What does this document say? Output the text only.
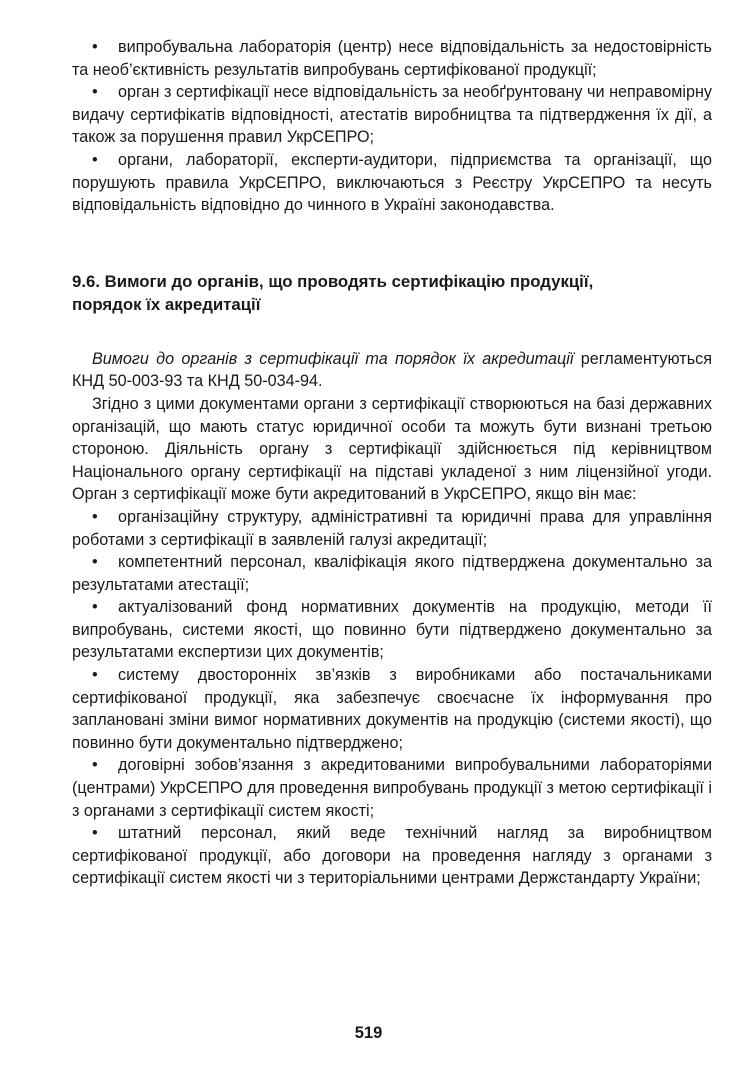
• випробувальна лабораторія (центр) несе відповідальність за недостовірність та необ’єктивність результатів випробувань сертифікованої продукції;

• орган з сертифікації несе відповідальність за необґрунтовану чи неправомірну видачу сертифікатів відповідності, атестатів виробництва та підтвердження їх дії, а також за порушення правил УкрСЕПРО;

• органи, лабораторії, експерти-аудитори, підприємства та організації, що порушують правила УкрСЕПРО, виключаються з Реєстру УкрСЕПРО та несуть відповідальність відповідно до чинного в Україні законодавства.

9.6. Вимоги до органів, що проводять сертифікацію продукції,
порядок їх акредитації

Вимоги до органів з сертифікації та порядок їх акредитації регламентуються КНД 50-003-93 та КНД 50-034-94.

Згідно з цими документами органи з сертифікації створюються на базі державних організацій, що мають статус юридичної особи та можуть бути визнані третьою стороною. Діяльність органу з сертифікації здійснюється під керівництвом Національного органу сертифікації на підставі укладеної з ним ліцензійної угоди. Орган з сертифікації може бути акредитований в УкрСЕПРО, якщо він має:

• організаційну структуру, адміністративні та юридичні права для управління роботами з сертифікації в заявленій галузі акредитації;

• компетентний персонал, кваліфікація якого підтверджена документально за результатами атестації;

• актуалізований фонд нормативних документів на продукцію, методи її випробувань, системи якості, що повинно бути підтверджено документально за результатами експертизи цих документів;

• систему двосторонніх зв’язків з виробниками або постачальниками сертифікованої продукції, яка забезпечує своєчасне їх інформування про заплановані зміни вимог нормативних документів на продукцію (системи якості), що повинно бути документально підтверджено;

• договірні зобов’язання з акредитованими випробувальними лабораторіями (центрами) УкрСЕПРО для проведення випробувань продукції з метою сертифікації і з органами з сертифікації систем якості;

• штатний персонал, який веде технічний нагляд за виробництвом сертифікованої продукції, або договори на проведення нагляду з органами з сертифікації систем якості чи з територіальними центрами Держстандарту України;

519
